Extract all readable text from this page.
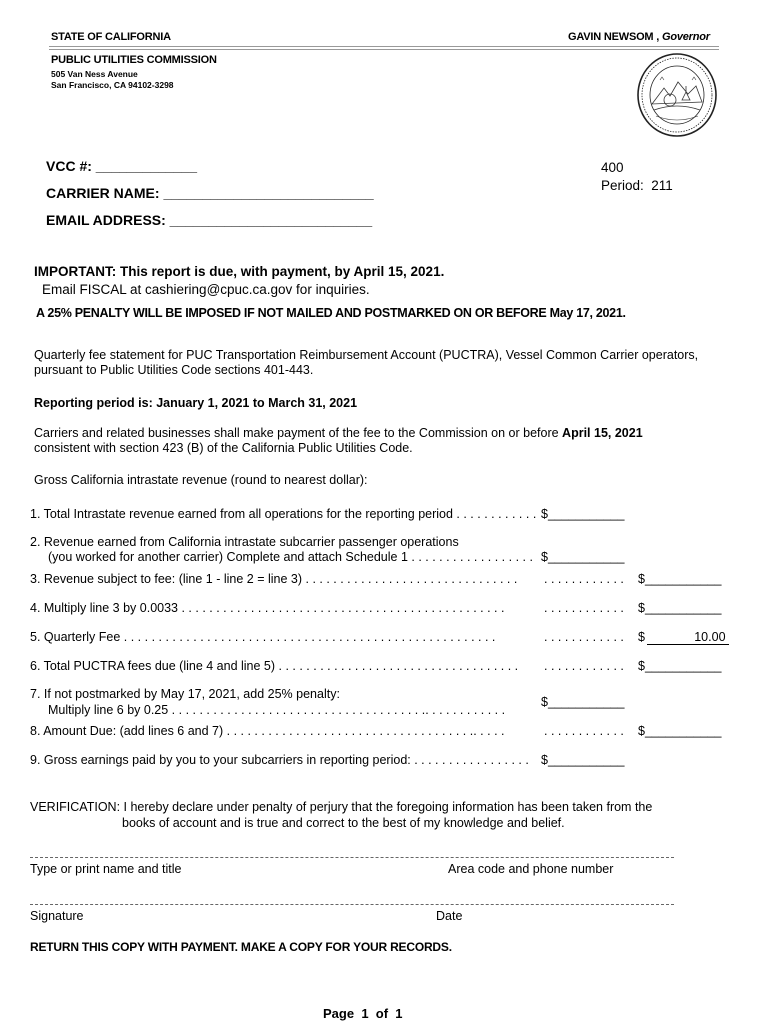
STATE OF CALIFORNIA	GAVIN NEWSOM , Governor
PUBLIC UTILITIES COMMISSION
505 Van Ness Avenue
San Francisco, CA 94102-3298
VCC #: _____________
CARRIER NAME: ___________________________
EMAIL ADDRESS: __________________________
400
Period: 211
IMPORTANT: This report is due, with payment, by April 15, 2021.
Email FISCAL at cashiering@cpuc.ca.gov for inquiries.
A 25% PENALTY WILL BE IMPOSED IF NOT MAILED AND POSTMARKED ON OR BEFORE May 17, 2021.
Quarterly fee statement for PUC Transportation Reimbursement Account (PUCTRA), Vessel Common Carrier operators,
pursuant to Public Utilities Code sections 401-443.
Reporting period is: January 1, 2021 to March 31, 2021
Carriers and related businesses shall make payment of the fee to the Commission on or before April 15, 2021
consistent with section 423 (B) of the California Public Utilities Code.
Gross California intrastate revenue (round to nearest dollar):
1. Total Intrastate revenue earned from all operations for the reporting period . . . . . . . . . . . . $___________
2. Revenue earned from California intrastate subcarrier passenger operations
(you worked for another carrier) Complete and attach Schedule 1 . . . . . . . . . . . . . . . . . . $___________
3. Revenue subject to fee: (line 1 - line 2 = line 3) . . . . . . . . . . . . . . . . . . . . . . . . . . . . . . . . . . . . . . . . . . . $___________
4. Multiply line 3 by 0.0033 . . . . . . . . . . . . . . . . . . . . . . . . . . . . . . . . . . . . . . . . . . . . . . .	. . . . . . . . . . . . $___________
5. Quarterly Fee . . . . . . . . . . . . . . . . . . . . . . . . . . . . . . . . . . . . . . . . . . . . . . . . . . . . . .	. . . . . . . . . . . . $	10.00
6. Total PUCTRA fees due (line 4 and line 5) . . . . . . . . . . . . . . . . . . . . . . . . . . . . . . . . . . . . . . . . . . . . . . . $___________
7. If not postmarked by May 17, 2021, add 25% penalty:
Multiply line 6 by 0.25 . . . . . . . . . . . . . . . . . . . . . . . . . . . . . . . . . . . . .. . . . . . . . . . . .
$___________
8. Amount Due: (add lines 6 and 7) . . . . . . . . . . . . . . . . . . . . . . . . . . . . . . . . . . . .. . . . .	. . . . . . . . . . . . $___________
9. Gross earnings paid by you to your subcarriers in reporting period: . . . . . . . . . . . . . . . . . $___________
VERIFICATION: I hereby declare under penalty of perjury that the foregoing information has been taken from the
books of account and is true and correct to the best of my knowledge and belief.
Type or print name and title	Area code and phone number
Signature	Date
RETURN THIS COPY WITH PAYMENT. MAKE A COPY FOR YOUR RECORDS.
Page 1 of 1
